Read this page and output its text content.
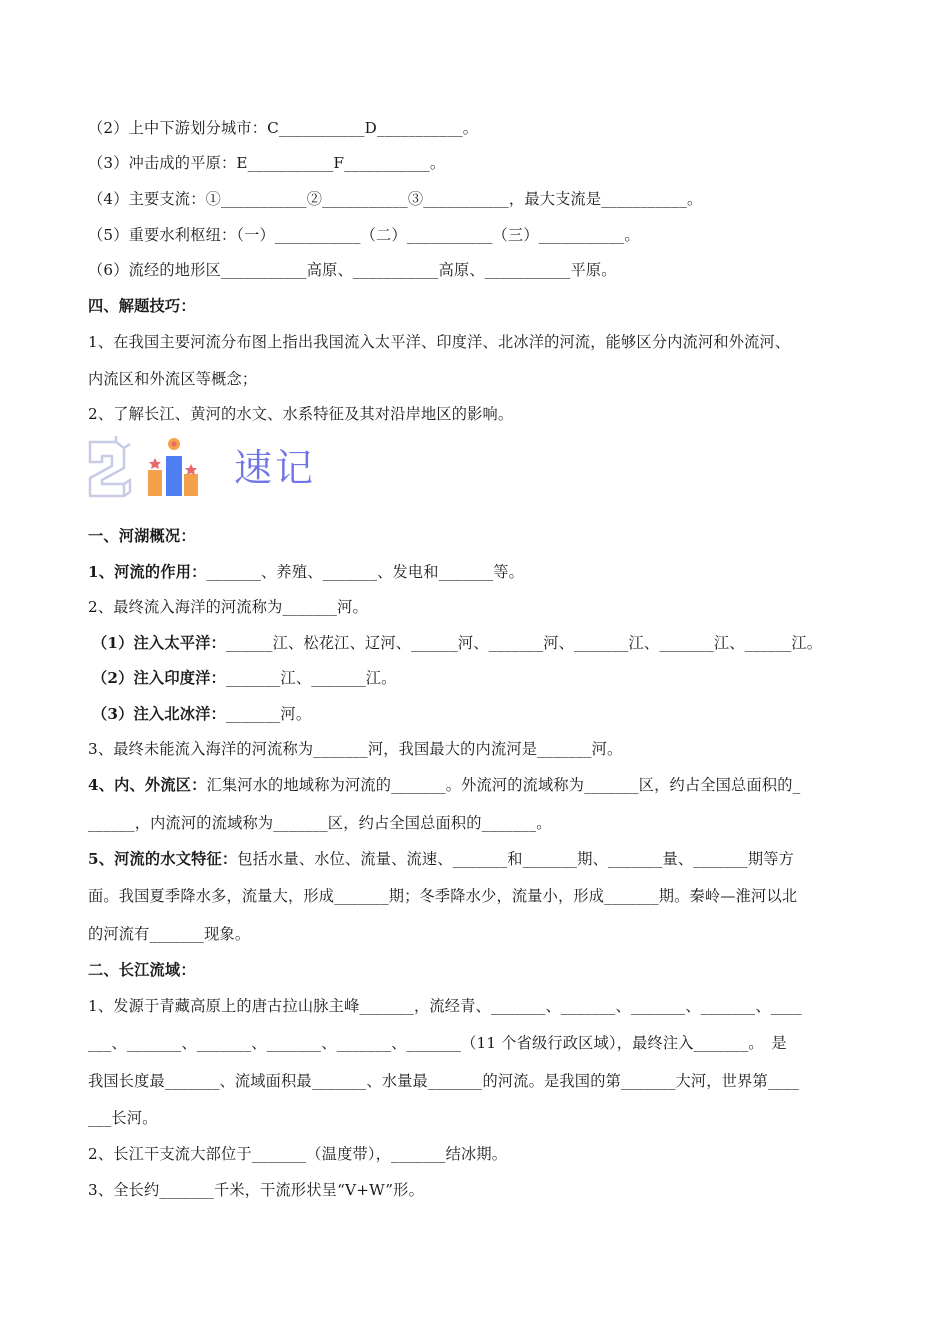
（2）上中下游划分城市：C___________D___________。
（3）冲击成的平原：E___________F___________。
（4）主要支流：①___________②___________③___________，最大支流是___________。
（5）重要水利枢纽：（一）___________（二）___________（三）___________。
（6）流经的地形区___________高原、___________高原、___________平原。
四、解题技巧：
1、在我国主要河流分布图上指出我国流入太平洋、印度洋、北冰洋的河流，能够区分内流河和外流河、
内流区和外流区等概念；
2、了解长江、黄河的水文、水系特征及其对沿岸地区的影响。
速记
一、河湖概况：
1、河流的作用：_______、养殖、_______、发电和_______等。
2、最终流入海洋的河流称为_______河。
（1）注入太平洋：______江、松花江、辽河、______河、_______河、_______江、_______江、______江。
（2）注入印度洋：_______江、_______江。
（3）注入北冰洋：_______河。
3、最终未能流入海洋的河流称为_______河，我国最大的内流河是_______河。
4、内、外流区：汇集河水的地域称为河流的_______。外流河的流域称为_______区，约占全国总面积的_
______，内流河的流域称为_______区，约占全国总面积的_______。
5、河流的水文特征：包括水量、水位、流量、流速、_______和_______期、_______量、_______期等方
面。我国夏季降水多，流量大，形成_______期；冬季降水少，流量小，形成_______期。秦岭—淮河以北
的河流有_______现象。
二、长江流域：
1、发源于青藏高原上的唐古拉山脉主峰_______，流经青、_______、_______、_______、_______、____
___、_______、_______、_______、_______、_______（11 个省级行政区域），最终注入_______。　是
我国长度最_______、流域面积最_______、水量最_______的河流。是我国的第_______大河，世界第____
___长河。
2、长江干支流大部位于_______（温度带），_______结冰期。
3、全长约_______千米，干流形状呈“V+W”形。
